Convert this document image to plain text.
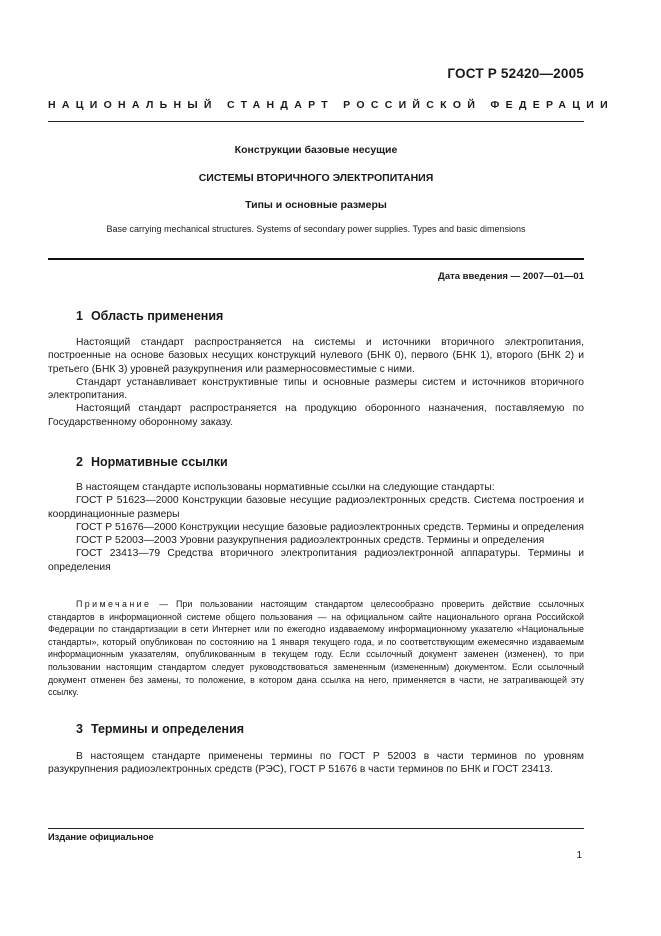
ГОСТ Р 52420—2005
НАЦИОНАЛЬНЫЙ СТАНДАРТ РОССИЙСКОЙ ФЕДЕРАЦИИ
Конструкции базовые несущие
СИСТЕМЫ ВТОРИЧНОГО ЭЛЕКТРОПИТАНИЯ
Типы и основные размеры
Base carrying mechanical structures. Systems of secondary power supplies. Types and basic dimensions
Дата введения — 2007—01—01
1 Область применения

Настоящий стандарт распространяется на системы и источники вторичного электропитания, построенные на основе базовых несущих конструкций нулевого (БНК 0), первого (БНК 1), второго (БНК 2) и третьего (БНК 3) уровней разукрупнения или размерносовместимые с ними.

Стандарт устанавливает конструктивные типы и основные размеры систем и источников вторичного электропитания.

Настоящий стандарт распространяется на продукцию оборонного назначения, поставляемую по Государственному оборонному заказу.

2 Нормативные ссылки

В настоящем стандарте использованы нормативные ссылки на следующие стандарты:

ГОСТ Р 51623—2000 Конструкции базовые несущие радиоэлектронных средств. Система построения и координационные размеры

ГОСТ Р 51676—2000 Конструкции несущие базовые радиоэлектронных средств. Термины и определения

ГОСТ Р 52003—2003 Уровни разукрупнения радиоэлектронных средств. Термины и определения

ГОСТ 23413—79 Средства вторичного электропитания радиоэлектронной аппаратуры. Термины и определения

Примечание — При пользовании настоящим стандартом целесообразно проверить действие ссылочных стандартов в информационной системе общего пользования — на официальном сайте национального органа Российской Федерации по стандартизации в сети Интернет или по ежегодно издаваемому информационному указателю «Национальные стандарты», который опубликован по состоянию на 1 января текущего года, и по соответствующим ежемесячно издаваемым информационным указателям, опубликованным в текущем году. Если ссылочный документ заменен (изменен), то при пользовании настоящим стандартом следует руководствоваться замененным (измененным) документом. Если ссылочный документ отменен без замены, то положение, в котором дана ссылка на него, применяется в части, не затрагивающей эту ссылку.

3 Термины и определения

В настоящем стандарте применены термины по ГОСТ Р 52003 в части терминов по уровням разукрупнения радиоэлектронных средств (РЭС), ГОСТ Р 51676 в части терминов по БНК и ГОСТ 23413.

Издание официальное
1
